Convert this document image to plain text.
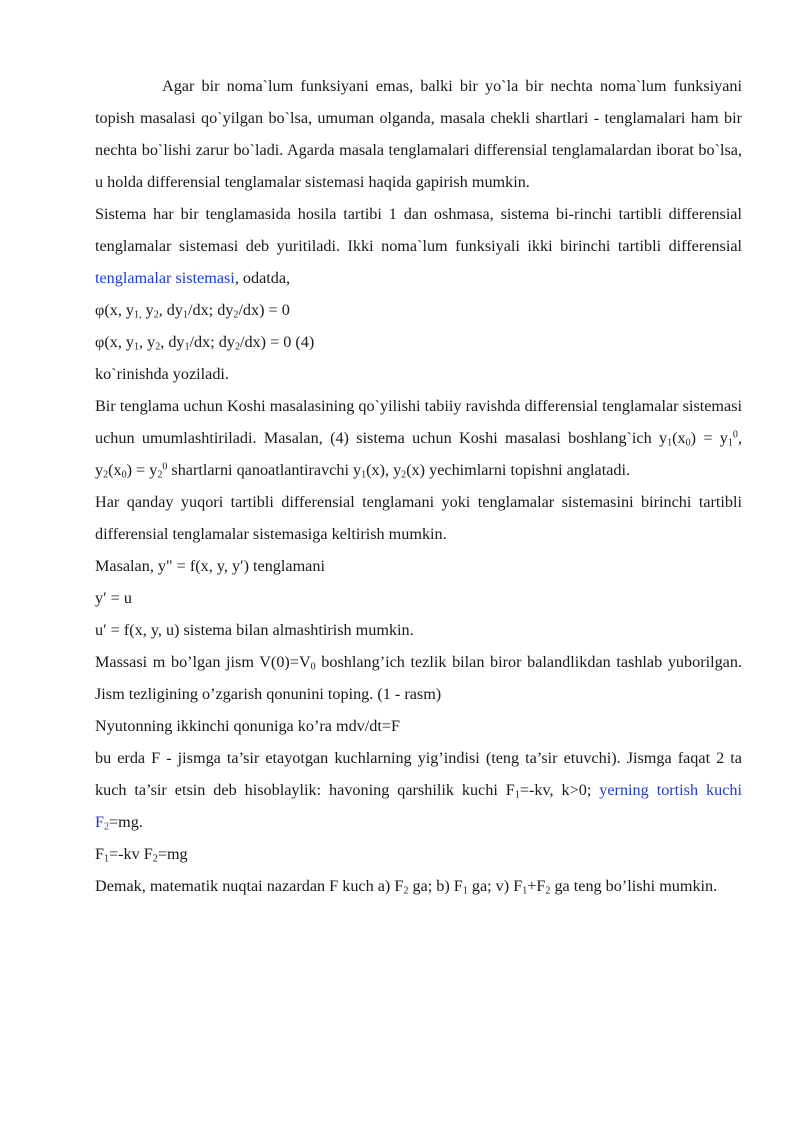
Agar bir noma`lum funksiyani emas, balki bir yo`la bir nechta noma`lum funksiyani topish masalasi qo`yilgan bo`lsa, umuman olganda, masala chekli shartlari - tenglamalari ham bir nechta bo`lishi zarur bo`ladi. Agarda masala tenglamalari differensial tenglamalardan iborat bo`lsa, u holda differensial tenglamalar sistemasi haqida gapirish mumkin.

Sistema har bir tenglamasida hosila tartibi 1 dan oshmasa, sistema bi-rinchi tartibli differensial tenglamalar sistemasi deb yuritiladi. Ikki noma`lum funksiyali ikki birinchi tartibli differensial tenglamalar sistemasi, odatda,

φ(x, $y_{1,}$ $y_2$, $dy_1/dx$; $dy_2/dx) = 0$

φ(x, $y_1$, $y_2$, $dy_1/dx$; $dy_2/dx) = 0$ (4)

ko`rinishda yoziladi.

Bir tenglama uchun Koshi masalasining qo`yilishi tabiiy ravishda differensial tenglamalar sistemasi uchun umumlashtiriladi. Masalan, (4) sistema uchun Koshi masalasi boshlang`ich $y_1(x_0) = y_1^0$, $y_2(x_0) = y_2^0$ shartlarni qanoatlantiravchi $y_1(x)$, $y_2(x)$ yechimlarni topishni anglatadi.

Har qanday yuqori tartibli differensial tenglamani yoki tenglamalar sistemasini birinchi tartibli differensial tenglamalar sistemasiga keltirish mumkin.

Masalan, y" = f(x, y, y′) tenglamani

y′ = u

u′ = f(x, y, u) sistema bilan almashtirish mumkin.

Massasi m bo’lgan jism $V(0)=V_0$ boshlang’ich tezlik bilan biror balandlikdan tashlab yuborilgan. Jism tezligining o’zgarish qonunini toping. (1 - rasm)

Nyutonning ikkinchi qonuniga ko’ra mdv/dt=F

bu erda F - jismga ta’sir etayotgan kuchlarning yig’indisi (teng ta’sir etuvchi). Jismga faqat 2 ta kuch ta’sir etsin deb hisoblaylik: havoning qarshilik kuchi $F_1=-kv$, k>0; yerning tortish kuchi $F_2=mg$.

$F_1=-kv$ $F_2=mg$

Demak, matematik nuqtai nazardan F kuch a) $F_2$ ga; b) $F_1$ ga; v) $F_1+F_2$ ga teng bo’lishi mumkin.
